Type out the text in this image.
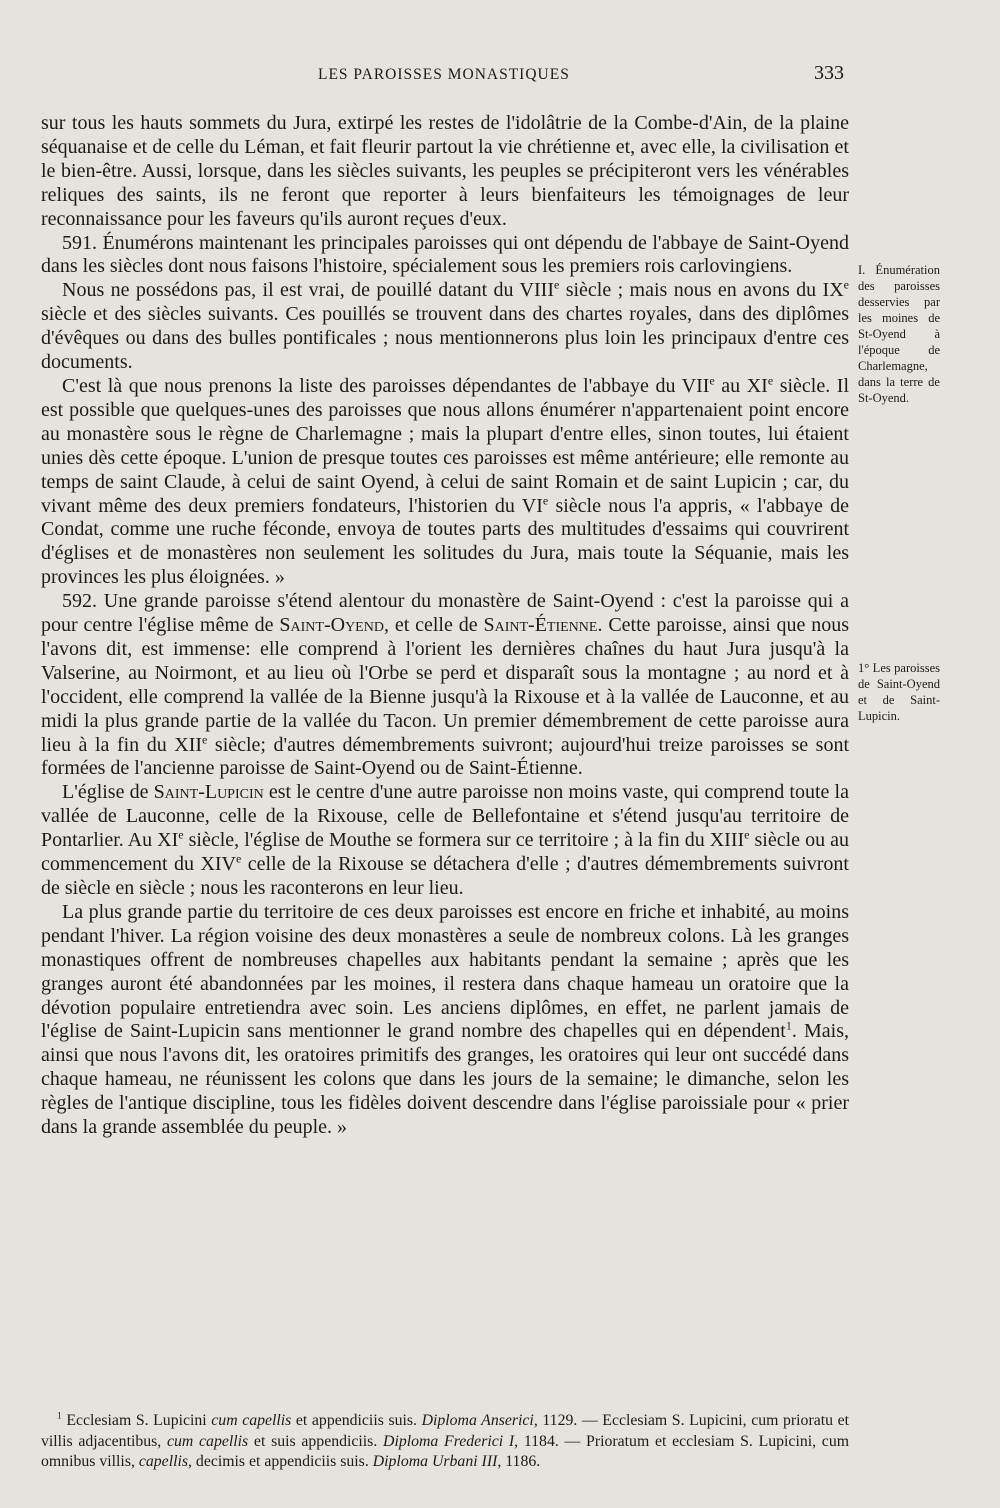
LES PAROISSES MONASTIQUES	333

sur tous les hauts sommets du Jura, extirpé les restes de l'idolâtrie de la Combe-d'Ain, de la plaine séquanaise et de celle du Léman, et fait fleurir partout la vie chrétienne et, avec elle, la civilisation et le bien-être. Aussi, lorsque, dans les siècles suivants, les peuples se précipiteront vers les vénérables reliques des saints, ils ne feront que reporter à leurs bienfaiteurs les témoignages de leur reconnaissance pour les faveurs qu'ils auront reçues d'eux.

591. Énumérons maintenant les principales paroisses qui ont dépendu de l'abbaye de Saint-Oyend dans les siècles dont nous faisons l'histoire, spécialement sous les premiers rois carlovingiens.

Nous ne possédons pas, il est vrai, de pouillé datant du VIIIe siècle ; mais nous en avons du IXe siècle et des siècles suivants. Ces pouillés se trouvent dans des chartes royales, dans des diplômes d'évêques ou dans des bulles pontificales ; nous mentionnerons plus loin les principaux d'entre ces documents.

C'est là que nous prenons la liste des paroisses dépendantes de l'abbaye du VIIe au XIe siècle. Il est possible que quelques-unes des paroisses que nous allons énumérer n'appartenaient point encore au monastère sous le règne de Charlemagne ; mais la plupart d'entre elles, sinon toutes, lui étaient unies dès cette époque. L'union de presque toutes ces paroisses est même antérieure; elle remonte au temps de saint Claude, à celui de saint Oyend, à celui de saint Romain et de saint Lupicin ; car, du vivant même des deux premiers fondateurs, l'historien du VIe siècle nous l'a appris, « l'abbaye de Condat, comme une ruche féconde, envoya de toutes parts des multitudes d'essaims qui couvrirent d'églises et de monastères non seulement les solitudes du Jura, mais toute la Séquanie, mais les provinces les plus éloignées. »

592. Une grande paroisse s'étend alentour du monastère de Saint-Oyend : c'est la paroisse qui a pour centre l'église même de Saint-Oyend, et celle de Saint-Étienne. Cette paroisse, ainsi que nous l'avons dit, est immense: elle comprend à l'orient les dernières chaînes du haut Jura jusqu'à la Valserine, au Noirmont, et au lieu où l'Orbe se perd et disparaît sous la montagne ; au nord et à l'occident, elle comprend la vallée de la Bienne jusqu'à la Rixouse et à la vallée de Lauconne, et au midi la plus grande partie de la vallée du Tacon. Un premier démembrement de cette paroisse aura lieu à la fin du XIIe siècle; d'autres démembrements suivront; aujourd'hui treize paroisses se sont formées de l'ancienne paroisse de Saint-Oyend ou de Saint-Étienne.

L'église de Saint-Lupicin est le centre d'une autre paroisse non moins vaste, qui comprend toute la vallée de Lauconne, celle de la Rixouse, celle de Bellefontaine et s'étend jusqu'au territoire de Pontarlier. Au XIe siècle, l'église de Mouthe se formera sur ce territoire ; à la fin du XIIIe siècle ou au commencement du XIVe celle de la Rixouse se détachera d'elle ; d'autres démembrements suivront de siècle en siècle ; nous les raconterons en leur lieu.

La plus grande partie du territoire de ces deux paroisses est encore en friche et inhabité, au moins pendant l'hiver. La région voisine des deux monastères a seule de nombreux colons. Là les granges monastiques offrent de nombreuses chapelles aux habitants pendant la semaine ; après que les granges auront été abandonnées par les moines, il restera dans chaque hameau un oratoire que la dévotion populaire entretiendra avec soin. Les anciens diplômes, en effet, ne parlent jamais de l'église de Saint-Lupicin sans mentionner le grand nombre des chapelles qui en dépendent$^1$. Mais, ainsi que nous l'avons dit, les oratoires primitifs des granges, les oratoires qui leur ont succédé dans chaque hameau, ne réunissent les colons que dans les jours de la semaine; le dimanche, selon les règles de l'antique discipline, tous les fidèles doivent descendre dans l'église paroissiale pour « prier dans la grande assemblée du peuple. »

I. Énumération des paroisses desservies par les moines de St-Oyend à l'époque de Charlemagne, dans la terre de St-Oyend.
1° Les paroisses de Saint-Oyend et de Saint-Lupicin.

$^1$ Ecclesiam S. Lupicini cum capellis et appendiciis suis. Diploma Anserici, 1129. — Ecclesiam S. Lupicini, cum prioratu et villis adjacentibus, cum capellis et suis appendiciis. Diploma Frederici I, 1184. — Prioratum et ecclesiam S. Lupicini, cum omnibus villis, capellis, decimis et appendiciis suis. Diploma Urbani III, 1186.
